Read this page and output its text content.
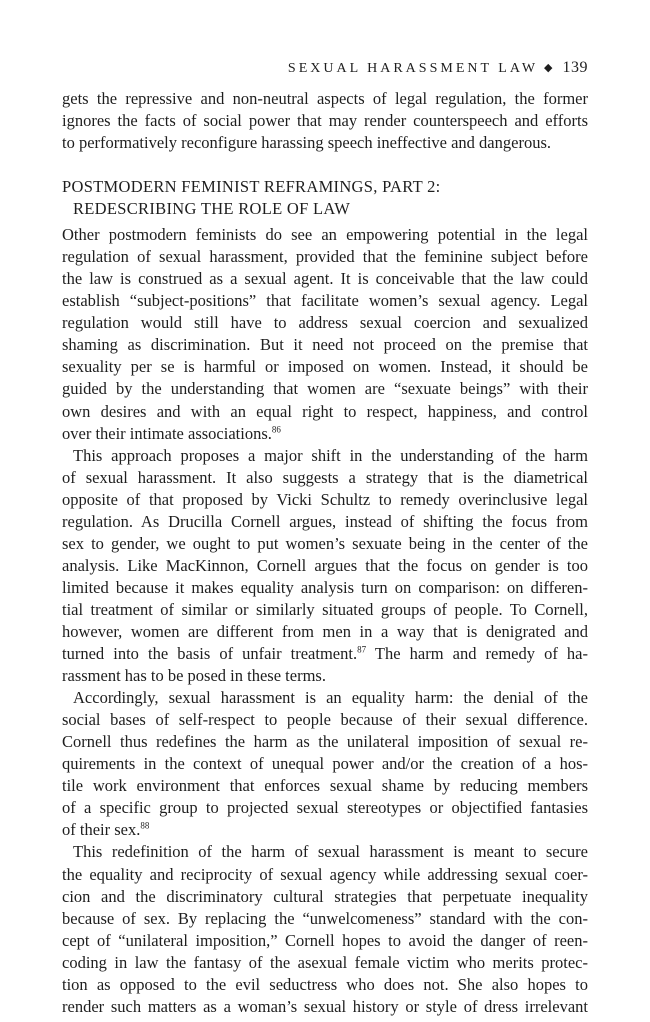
SEXUAL HARASSMENT LAW ◆ 139
gets the repressive and non-neutral aspects of legal regulation, the former
ignores the facts of social power that may render counterspeech and efforts
to performatively reconfigure harassing speech ineffective and dangerous.
POSTMODERN FEMINIST REFRAMINGS, PART 2:
REDESCRIBING THE ROLE OF LAW
Other postmodern feminists do see an empowering potential in the legal
regulation of sexual harassment, provided that the feminine subject before
the law is construed as a sexual agent. It is conceivable that the law could
establish “subject-positions” that facilitate women’s sexual agency. Legal
regulation would still have to address sexual coercion and sexualized
shaming as discrimination. But it need not proceed on the premise that
sexuality per se is harmful or imposed on women. Instead, it should be
guided by the understanding that women are “sexuate beings” with their
own desires and with an equal right to respect, happiness, and control
over their intimate associations.$^{86}$
This approach proposes a major shift in the understanding of the harm
of sexual harassment. It also suggests a strategy that is the diametrical
opposite of that proposed by Vicki Schultz to remedy overinclusive legal
regulation. As Drucilla Cornell argues, instead of shifting the focus from
sex to gender, we ought to put women’s sexuate being in the center of the
analysis. Like MacKinnon, Cornell argues that the focus on gender is too
limited because it makes equality analysis turn on comparison: on differen-
tial treatment of similar or similarly situated groups of people. To Cornell,
however, women are different from men in a way that is denigrated and
turned into the basis of unfair treatment.$^{87}$ The harm and remedy of ha-
rassment has to be posed in these terms.
Accordingly, sexual harassment is an equality harm: the denial of the
social bases of self-respect to people because of their sexual difference.
Cornell thus redefines the harm as the unilateral imposition of sexual re-
quirements in the context of unequal power and/or the creation of a hos-
tile work environment that enforces sexual shame by reducing members
of a specific group to projected sexual stereotypes or objectified fantasies
of their sex.$^{88}$
This redefinition of the harm of sexual harassment is meant to secure
the equality and reciprocity of sexual agency while addressing sexual coer-
cion and the discriminatory cultural strategies that perpetuate inequality
because of sex. By replacing the “unwelcomeness” standard with the con-
cept of “unilateral imposition,” Cornell hopes to avoid the danger of reen-
coding in law the fantasy of the asexual female victim who merits protec-
tion as opposed to the evil seductress who does not. She also hopes to
render such matters as a woman’s sexual history or style of dress irrelevant
